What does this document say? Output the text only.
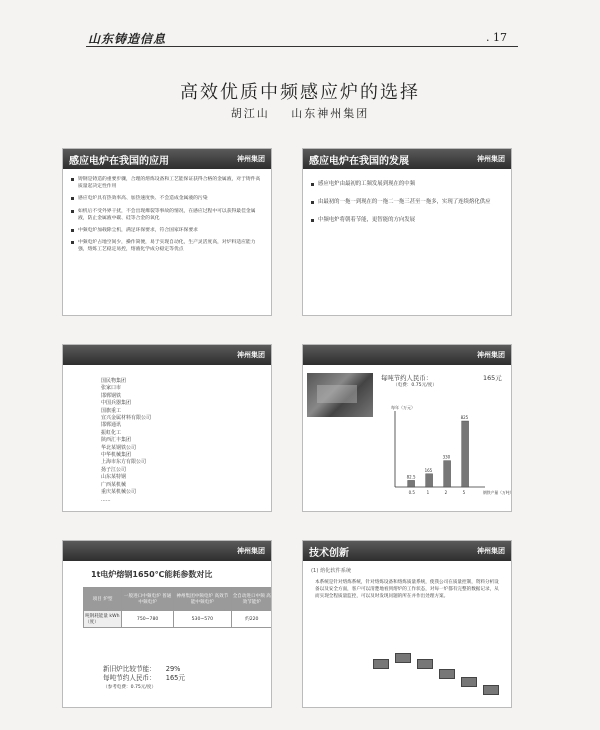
山东铸造信息	. 17
高效优质中频感应炉的选择
胡江山 山东神州集团
感应电炉在我国的应用	神州集团
铸钢是铸造的重要步骤，合理的熔炼设备和工艺能保证获得合格的金属液，对于铸件高质量起决定性作用
感应电炉具有热效率高、加热速度快、不会造成金属液的污染
如机后不受外界干扰，不会出现爆裂等事故的情况，在感应过程中可以获得最佳金属液，防止金属液中碳、硅等合金的氧化
中频电炉加载除尘机，满足环保要求，符合国家环保要求
中频电炉占地空间少，操作简便，易于实现自动化，生产灵活度高，对炉料适应能力强，熔炼工艺稳定易控，熔液化学成分稳定等优点
感应电炉在我国的发展	神州集团
感应电炉由最初的工频发展到现在的中频
由最初的一拖一到现在的一拖二一拖三甚至一拖多，实现了连续熔化供应
中频电炉将朝着节能，更智能的方向发展
神州集团
国民物集团
张家口市
邯郸钢铁
中国兵器集团
国旗重工
宜兴金属材料有限公司
邯郸通讯
振虹化工
陕西汇丰集团
华北某钢铁公司
中华机械集团
上海市东方有限公司
扬子江公司
山东某特钢
广西某机械
重庆某机械公司
......
神州集团
每吨节约人民币：	165元
（电费：0.75元/度）
每年（万元）
钢铁产量（万吨）
82.5
0.5
165
1
330
2
825
5
神州集团
1t电炉熔钢1650℃能耗参数对比
项目 炉型	一般进口中频电炉 普通中频电炉	神州集团中频电炉 高效节能中频电炉	全自动进口中频 高效节能炉
吨钢耗能量 kWh（度）	750~780	530~570	约220
新旧炉比较节能： 29%
每吨节约人民币： 165元
（参考电费：0.75元/度）
技术创新	神州集团
(1) 熔化软件系统
本系统是针对熔炼系统，针对熔炼设备和熔炼质量系统，使我公司在质量控制，资料分析设备以及安全方面，客户可以清楚地看到熔炉的工作状态，对每一炉都有完整的数据记录，从而实现全程质量监控，可以及时发现问题的所在并作出处理方案。
